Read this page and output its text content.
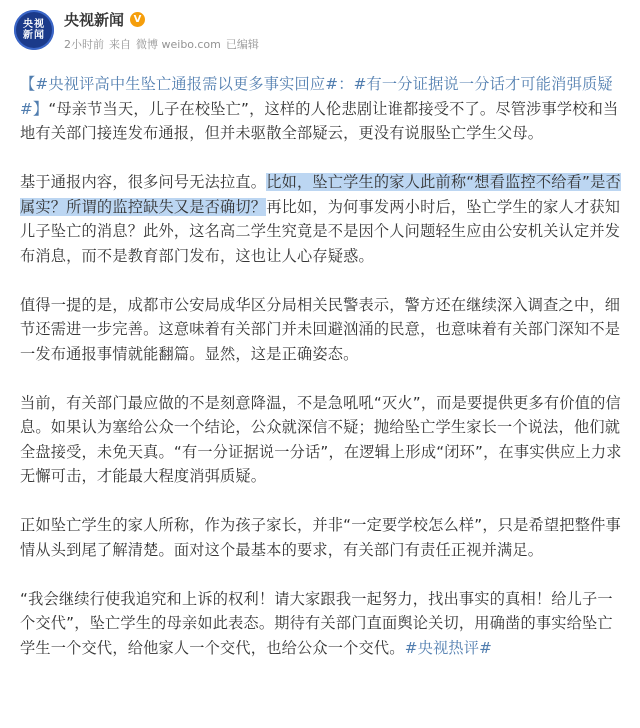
央视
新闻
央视新闻 V
2小时前 来自 微博 weibo.com 已编辑

【#央视评高中生坠亡通报需以更多事实回应#：#有一分证据说一分话才可能消弭质疑#】“母亲节当天，儿子在校坠亡”，这样的人伦悲剧让谁都接受不了。尽管涉事学校和当地有关部门接连发布通报，但并未驱散全部疑云，更没有说服坠亡学生父母。

基于通报内容，很多问号无法拉直。比如，坠亡学生的家人此前称“想看监控不给看”是否属实？所谓的监控缺失又是否确切？再比如，为何事发两小时后，坠亡学生的家人才获知儿子坠亡的消息？此外，这名高二学生究竟是不是因个人问题轻生应由公安机关认定并发布消息，而不是教育部门发布，这也让人心存疑惑。

值得一提的是，成都市公安局成华区分局相关民警表示，警方还在继续深入调查之中，细节还需进一步完善。这意味着有关部门并未回避汹涌的民意，也意味着有关部门深知不是一发布通报事情就能翻篇。显然，这是正确姿态。

当前，有关部门最应做的不是刻意降温，不是急吼吼“灭火”，而是要提供更多有价值的信息。如果认为塞给公众一个结论，公众就深信不疑；抛给坠亡学生家长一个说法，他们就全盘接受，未免天真。“有一分证据说一分话”，在逻辑上形成“闭环”，在事实供应上力求无懈可击，才能最大程度消弭质疑。

正如坠亡学生的家人所称，作为孩子家长，并非“一定要学校怎么样”，只是希望把整件事情从头到尾了解清楚。面对这个最基本的要求，有关部门有责任正视并满足。

“我会继续行使我追究和上诉的权利！请大家跟我一起努力，找出事实的真相！给儿子一个交代”，坠亡学生的母亲如此表态。期待有关部门直面舆论关切，用确凿的事实给坠亡学生一个交代，给他家人一个交代，也给公众一个交代。#央视热评#
